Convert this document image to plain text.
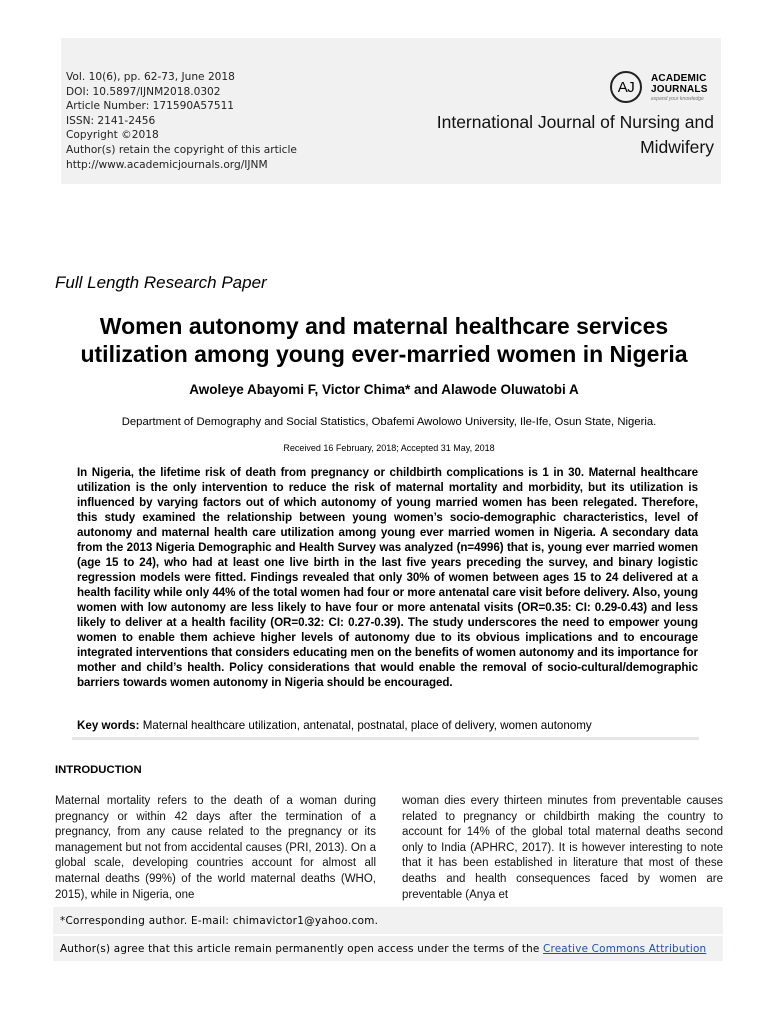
Vol. 10(6), pp. 62-73, June 2018
DOI: 10.5897/IJNM2018.0302
Article Number: 171590A57511
ISSN: 2141-2456
Copyright ©2018
Author(s) retain the copyright of this article
http://www.academicjournals.org/IJNM
AJ	ACADEMIC
JOURNALS
expand your knowledge
International Journal of Nursing and
Midwifery
Full Length Research Paper
Women autonomy and maternal healthcare services
utilization among young ever-married women in Nigeria
Awoleye Abayomi F, Victor Chima* and Alawode Oluwatobi A
Department of Demography and Social Statistics, Obafemi Awolowo University, Ile-Ife, Osun State, Nigeria.
Received 16 February, 2018; Accepted 31 May, 2018
In Nigeria, the lifetime risk of death from pregnancy or childbirth complications is 1 in 30. Maternal healthcare utilization is the only intervention to reduce the risk of maternal mortality and morbidity, but its utilization is influenced by varying factors out of which autonomy of young married women has been relegated. Therefore, this study examined the relationship between young women’s socio-demographic characteristics, level of autonomy and maternal health care utilization among young ever married women in Nigeria. A secondary data from the 2013 Nigeria Demographic and Health Survey was analyzed (n=4996) that is, young ever married women (age 15 to 24), who had at least one live birth in the last five years preceding the survey, and binary logistic regression models were fitted. Findings revealed that only 30% of women between ages 15 to 24 delivered at a health facility while only 44% of the total women had four or more antenatal care visit before delivery. Also, young women with low autonomy are less likely to have four or more antenatal visits (OR=0.35: CI: 0.29-0.43) and less likely to deliver at a health facility (OR=0.32: CI: 0.27-0.39). The study underscores the need to empower young women to enable them achieve higher levels of autonomy due to its obvious implications and to encourage integrated interventions that considers educating men on the benefits of women autonomy and its importance for mother and child’s health. Policy considerations that would enable the removal of socio-cultural/demographic barriers towards women autonomy in Nigeria should be encouraged.
Key words: Maternal healthcare utilization, antenatal, postnatal, place of delivery, women autonomy
INTRODUCTION
Maternal mortality refers to the death of a woman during pregnancy or within 42 days after the termination of a pregnancy, from any cause related to the pregnancy or its management but not from accidental causes (PRI, 2013). On a global scale, developing countries account for almost all maternal deaths (99%) of the world maternal deaths (WHO, 2015), while in Nigeria, one
woman dies every thirteen minutes from preventable causes related to pregnancy or childbirth making the country to account for 14% of the global total maternal deaths second only to India (APHRC, 2017). It is however interesting to note that it has been established in literature that most of these deaths and health consequences faced by women are preventable (Anya et
*Corresponding author. E-mail: chimavictor1@yahoo.com.
Author(s) agree that this article remain permanently open access under the terms of the Creative Commons Attribution
